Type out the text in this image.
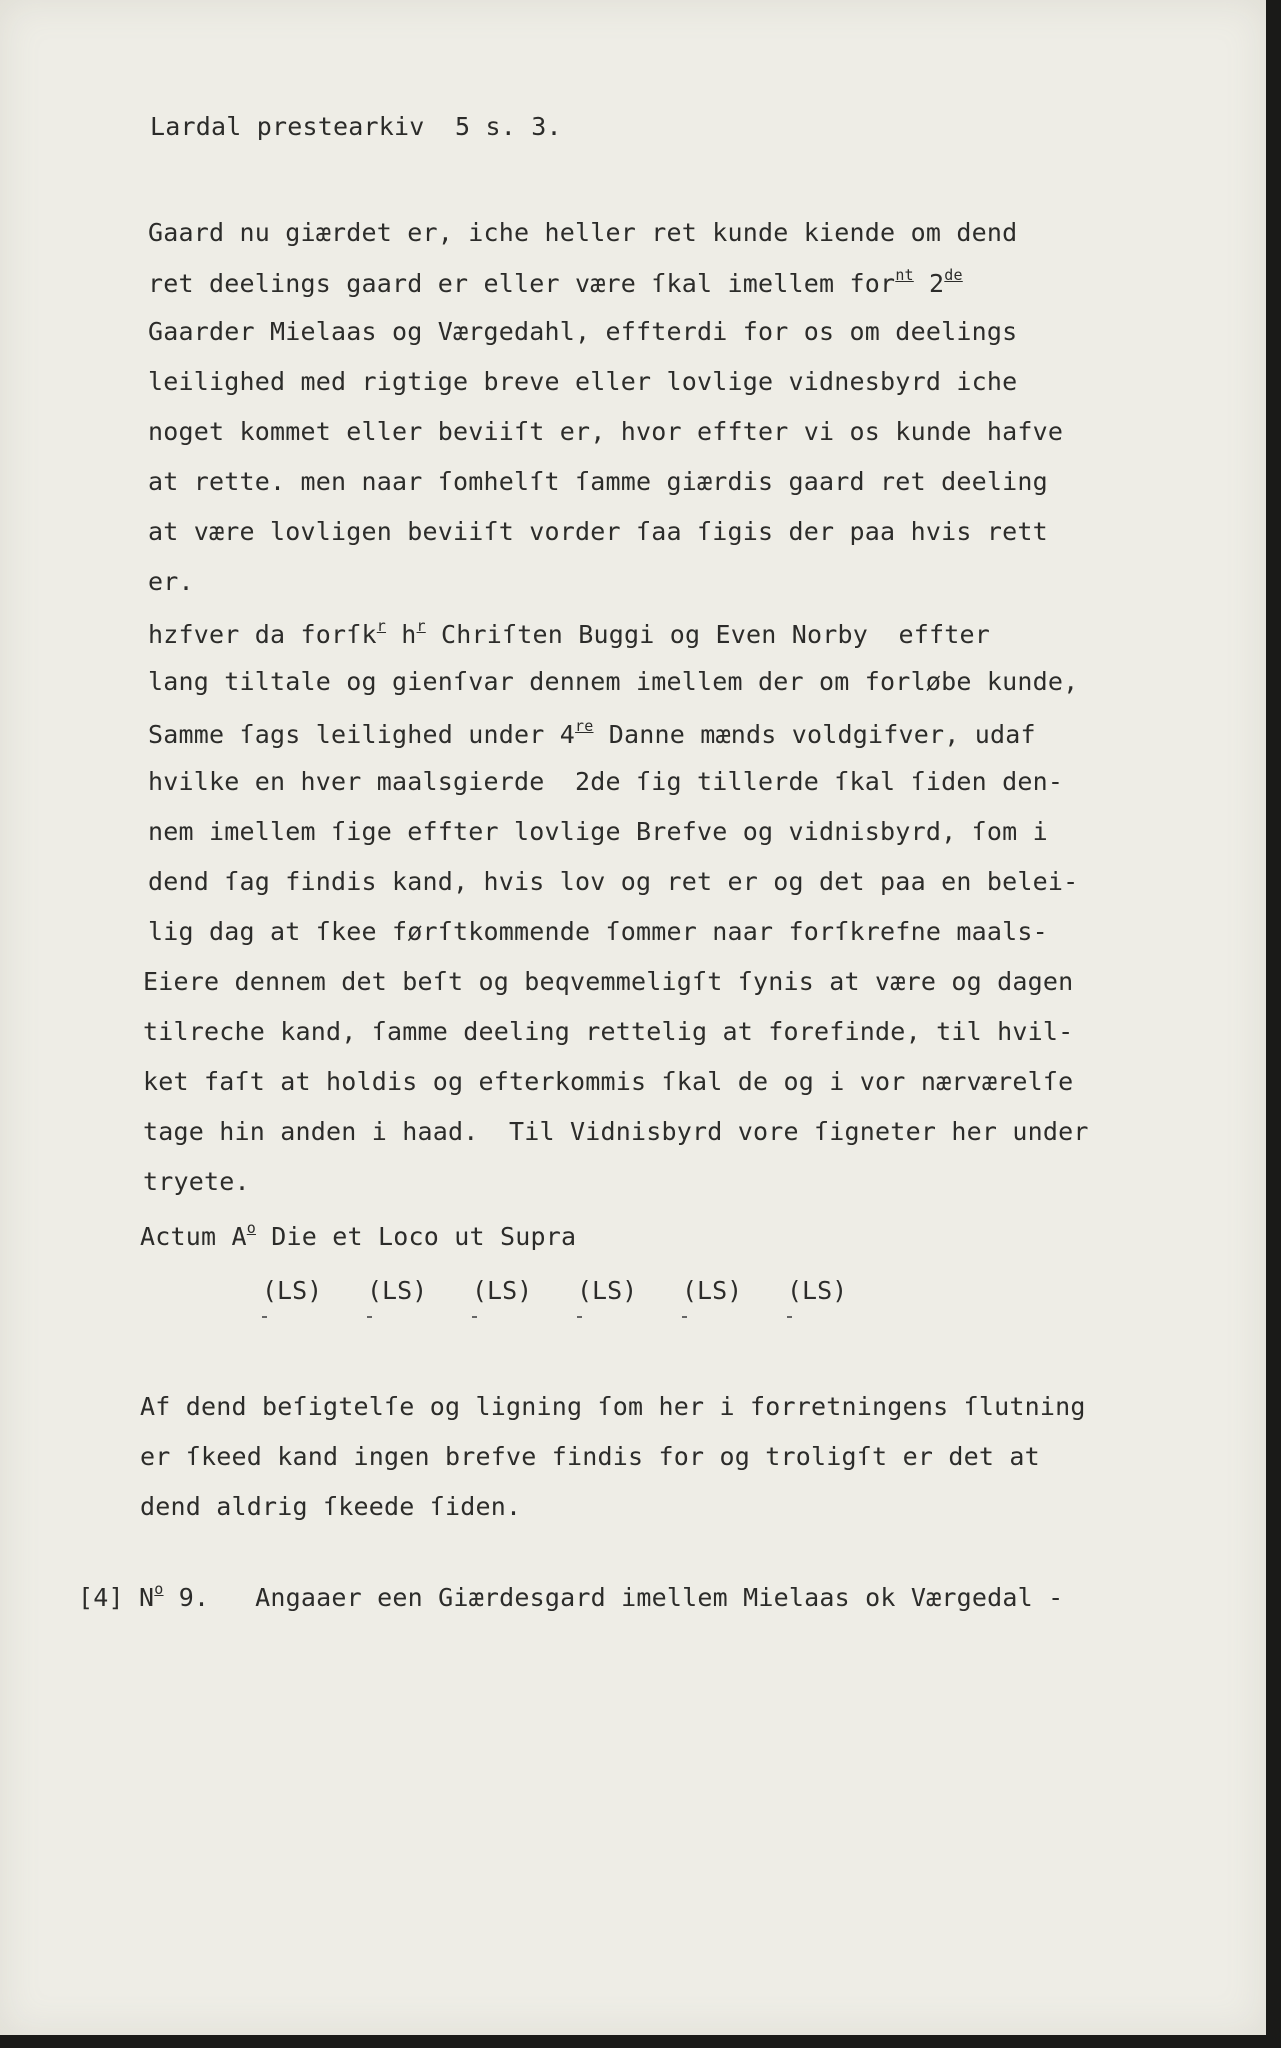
Lardal prestearkiv 5 s. 3.
Gaard nu giærdet er, iche heller ret kunde kiende om dend
ret deelings gaard er eller være ſkal imellem for$^{nt}$ 2de
Gaarder Mielaas og Værgedahl, effterdi for os om deelings
leilighed med rigtige breve eller lovlige vidnesbyrd iche
noget kommet eller beviiſt er, hvor effter vi os kunde hafve
at rette. men naar ſomhelſt ſamme giærdis gaard ret deeling
at være lovligen beviiſt vorder ſaa ſigis der paa hvis rett
er.
hzfver da forſk$^r$ $h^r$ Chriſten Buggi og Even Norby  effter
lang tiltale og gienſvar dennem imellem der om forløbe kunde,
Samme ſags leilighed under 4re Danne mænds voldgifver, udaf
hvilke en hver maalsgierde  2de ſig tillerde ſkal ſiden den-
nem imellem ſige effter lovlige Brefve og vidnisbyrd, ſom i
dend ſag findis kand, hvis lov og ret er og det paa en belei-
lig dag at ſkee førſtkommende ſommer naar forſkrefne maals-
Eiere dennem det beſt og beqvemmeligſt ſynis at være og dagen
tilreche kand, ſamme deeling rettelig at forefinde, til hvil-
ket faſt at holdis og efterkommis ſkal de og i vor nærværelſe
tage hin anden i haad.  Til Vidnisbyrd vore ſigneter her under
tryete.
Actum $A^o$ Die et Loco ut Supra
(LS) (LS) (LS) (LS) (LS) (LS)
Af dend beſigtelſe og ligning ſom her i forretningens ſlutning
er ſkeed kand ingen brefve findis for og troligſt er det at
dend aldrig ſkeede ſiden.
[4] $N^o$ 9. Angaaer een Giærdesgard imellem Mielaas ok Værgedal -
